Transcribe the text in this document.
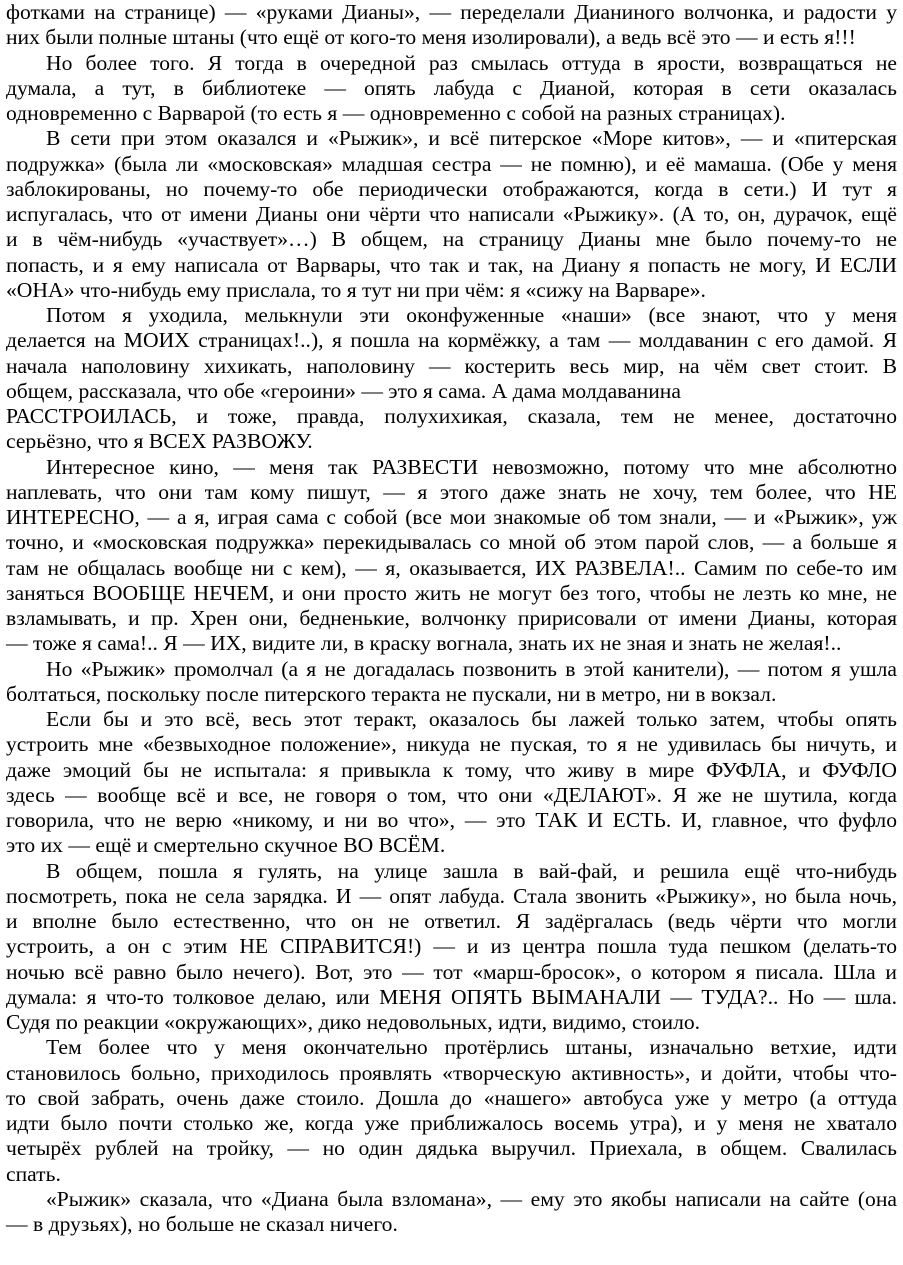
фотками на странице) — «руками Дианы», — переделали Дианиного волчонка, и радости у
них были полные штаны (что ещё от кого-то меня изолировали), а ведь всё это — и есть я!!!
Но более того. Я тогда в очередной раз смылась оттуда в ярости, возвращаться не
думала, а тут, в библиотеке — опять лабуда с Дианой, которая в сети оказалась
одновременно с Варварой (то есть я — одновременно с собой на разных страницах).
В сети при этом оказался и «Рыжик», и всё питерское «Море китов», — и «питерская
подружка» (была ли «московская» младшая сестра — не помню), и её мамаша. (Обе у меня
заблокированы, но почему-то обе периодически отображаются, когда в сети.) И тут я
испугалась, что от имени Дианы они чёрти что написали «Рыжику». (А то, он, дурачок, ещё
и в чём-нибудь «участвует»…) В общем, на страницу Дианы мне было почему-то не
попасть, и я ему написала от Варвары, что так и так, на Диану я попасть не могу, И ЕСЛИ
«ОНА» что-нибудь ему прислала, то я тут ни при чём: я «сижу на Варваре».
Потом я уходила, мелькнули эти оконфуженные «наши» (все знают, что у меня
делается на МОИХ страницах!..), я пошла на кормёжку, а там — молдаванин с его дамой. Я
начала наполовину хихикать, наполовину — костерить весь мир, на чём свет стоит. В
общем, рассказала, что обе «героини» — это я сама. А дама молдаванина
РАССТРОИЛАСЬ, и тоже, правда, полухихикая, сказала, тем не менее, достаточно
серьёзно, что я ВСЕХ РАЗВОЖУ.
Интересное кино, — меня так РАЗВЕСТИ невозможно, потому что мне абсолютно
наплевать, что они там кому пишут, — я этого даже знать не хочу, тем более, что НЕ
ИНТЕРЕСНО, — а я, играя сама с собой (все мои знакомые об том знали, — и «Рыжик», уж
точно, и «московская подружка» перекидывалась со мной об этом парой слов, — а больше я
там не общалась вообще ни с кем), — я, оказывается, ИХ РАЗВЕЛА!.. Самим по себе-то им
заняться ВООБЩЕ НЕЧЕМ, и они просто жить не могут без того, чтобы не лезть ко мне, не
взламывать, и пр. Хрен они, бедненькие, волчонку пририсовали от имени Дианы, которая
— тоже я сама!.. Я — ИХ, видите ли, в краску вогнала, знать их не зная и знать не желая!..
Но «Рыжик» промолчал (а я не догадалась позвонить в этой канители), — потом я ушла
болтаться, поскольку после питерского теракта не пускали, ни в метро, ни в вокзал.
Если бы и это всё, весь этот теракт, оказалось бы лажей только затем, чтобы опять
устроить мне «безвыходное положение», никуда не пуская, то я не удивилась бы ничуть, и
даже эмоций бы не испытала: я привыкла к тому, что живу в мире ФУФЛА, и ФУФЛО
здесь — вообще всё и все, не говоря о том, что они «ДЕЛАЮТ». Я же не шутила, когда
говорила, что не верю «никому, и ни во что», — это ТАК И ЕСТЬ. И, главное, что фуфло
это их — ещё и смертельно скучное ВО ВСЁМ.
В общем, пошла я гулять, на улице зашла в вай-фай, и решила ещё что-нибудь
посмотреть, пока не села зарядка. И — опят лабуда. Стала звонить «Рыжику», но была ночь,
и вполне было естественно, что он не ответил. Я задёргалась (ведь чёрти что могли
устроить, а он с этим НЕ СПРАВИТСЯ!) — и из центра пошла туда пешком (делать-то
ночью всё равно было нечего). Вот, это — тот «марш-бросок», о котором я писала. Шла и
думала: я что-то толковое делаю, или МЕНЯ ОПЯТЬ ВЫМАНАЛИ — ТУДА?.. Но — шла.
Судя по реакции «окружающих», дико недовольных, идти, видимо, стоило.
Тем более что у меня окончательно протёрлись штаны, изначально ветхие, идти
становилось больно, приходилось проявлять «творческую активность», и дойти, чтобы что-
то свой забрать, очень даже стоило. Дошла до «нашего» автобуса уже у метро (а оттуда
идти было почти столько же, когда уже приближалось восемь утра), и у меня не хватало
четырёх рублей на тройку, — но один дядька выручил. Приехала, в общем. Свалилась
спать.
«Рыжик» сказала, что «Диана была взломана», — ему это якобы написали на сайте (она
— в друзьях), но больше не сказал ничего.
